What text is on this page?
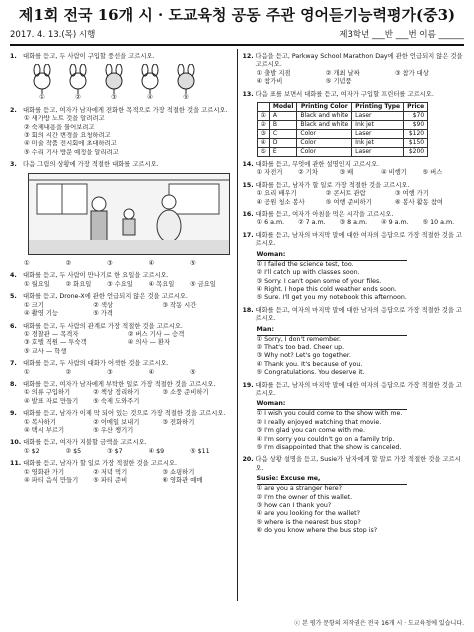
제1회 전국 16개 시 · 도교육청 공동 주관 영어듣기능력평가(중3)
2017. 4. 13.(목) 시행	제3학년 ___반 ___번 이름 ______
1. 대화를 듣고, 두 사람이 구입할 풍선을 고르시오.
①	②	③	④	⑤
2. 대화를 듣고, 여자가 남자에게 전화한 목적으로 가장 적절한 것을 고르시오.
① 새가방 노트 것을 알려려고
② 숙제내용을 물어보려고
③ 회의 시간 변경을 요청하려고
④ 미술 작품 전시회에 초대하려고
⑤ 수리 기사 방문 예정을 알리려고
3. 다음 그림의 상황에 가장 적절한 대화를 고르시오.
①	②	③	④	⑤
4. 대화를 듣고, 두 사람이 만나기로 한 요일을 고르시오.
① 월요일	② 화요일	③ 수요일	④ 목요일	⑤ 금요일
5. 대화를 듣고, Drone-X에 관한 언급되지 않은 것을 고르시오.
① 크기	② 색상	③ 작동 시간
④ 촬영 기능	⑤ 가격
6. 대화를 듣고, 두 사람의 관계로 가장 적절한 것을 고르시오.
① 경찰관 — 목격자	② 버스 기사 — 승객
③ 호텔 직원 — 투숙객	④ 의사 — 환자
⑤ 교사 — 학생
7. 대화를 듣고, 두 사람의 대화가 어색한 것을 고르시오.
①	②	③	④	⑤
8. 대화를 듣고, 여자가 남자에게 부탁한 일로 가장 적절한 것을 고르시오.
① 의류 구입하기	② 책상 정리하기	③ 소풍 준비하기
④ 발표 자료 만들기	⑤ 숙제 도와주기
9. 대화를 듣고, 남자가 이제 막 되어 있는 것으로 가장 적절한 것을 고르시오.
① 복사하기	② 이메일 보내기	③ 전화하기
④ 택시 부르기	⑤ 우산 챙기기
10. 대화를 듣고, 여자가 지불할 금액을 고르시오.
① $2	② $5	③ $7	④ $9	⑤ $11
11. 대화를 듣고, 남자가 할 일로 가장 적절한 것을 고르시오.
① 영화관 가기	② 저녁 먹기	③ 쇼핑하기
④ 파티 음식 만들기	⑤ 파티 준비	⑥ 영화관 예매
12. 다음을 듣고, Parkway School Marathon Day에 관한 언급되지 않은 것을 고르시오.
① 출발 지점	② 개최 날짜	③ 참가 대상
④ 참가비	⑤ 기념품
13. 다음 표를 보면서 대화를 듣고, 여자가 구입할 프린터를 고르시오.
	Model	Printing Color	Printing Type	Price
①	A	Black and white	Laser	$70
②	B	Black and white	Ink jet	$90
③	C	Color	Laser	$120
④	D	Color	Ink jet	$150
⑤	E	Color	Laser	$200
14. 대화를 듣고, 무엇에 관한 설명인지 고르시오.
① 자전거	② 기차	③ 배	④ 비행기	⑤ 버스
15. 대화를 듣고, 남자가 할 일로 가장 적절한 것을 고르시오.
① 요리 배우기	② 콘서트 관람	③ 여행 가기
④ 공원 청소 봉사	⑤ 여행 준비하기	⑥ 봉사 활동 참여
16. 대화를 듣고, 여자가 아침을 먹은 시각을 고르시오.
① 6 a.m.	② 7 a.m.	③ 8 a.m.	④ 9 a.m.	⑤ 10 a.m.
17. 대화를 듣고, 남자의 마지막 말에 대한 여자의 응답으로 가장 적절한 것을 고르시오.
Woman:
① I failed the science test, too.
② I'll catch up with classes soon.
③ Sorry. I can't open some of your files.
④ Right. I hope this cold weather ends soon.
⑤ Sure. I'll get you my notebook this afternoon.
18. 대화를 듣고, 여자의 마지막 말에 대한 남자의 응답으로 가장 적절한 것을 고르시오.
Man:
① Sorry, I don't remember.
② That's too bad. Cheer up.
③ Why not? Let's go together.
④ Thank you. It's because of you.
⑤ Congratulations. You deserve it.
19. 대화를 듣고, 남자의 마지막 말에 대한 여자의 응답으로 가장 적절한 것을 고르시오.
Woman:
① I wish you could come to the show with me.
② I really enjoyed watching that movie.
③ I'm glad you can come with me.
④ I'm sorry you couldn't go on a family trip.
⑤ I'm disappointed that the show is canceled.
20. 다음 상황 설명을 듣고, Susie가 남자에게 할 말로 가장 적절한 것을 고르시오.
Susie: Excuse me,
① are you a stranger here?
② I'm the owner of this wallet.
③ how can I thank you?
④ are you looking for the wallet?
⑤ where is the nearest bus stop?
⑥ do you know where the bus stop is?
ⓒ 본 평가 문항의 저작권은 전국 16개 시 · 도교육청에 있습니다.
